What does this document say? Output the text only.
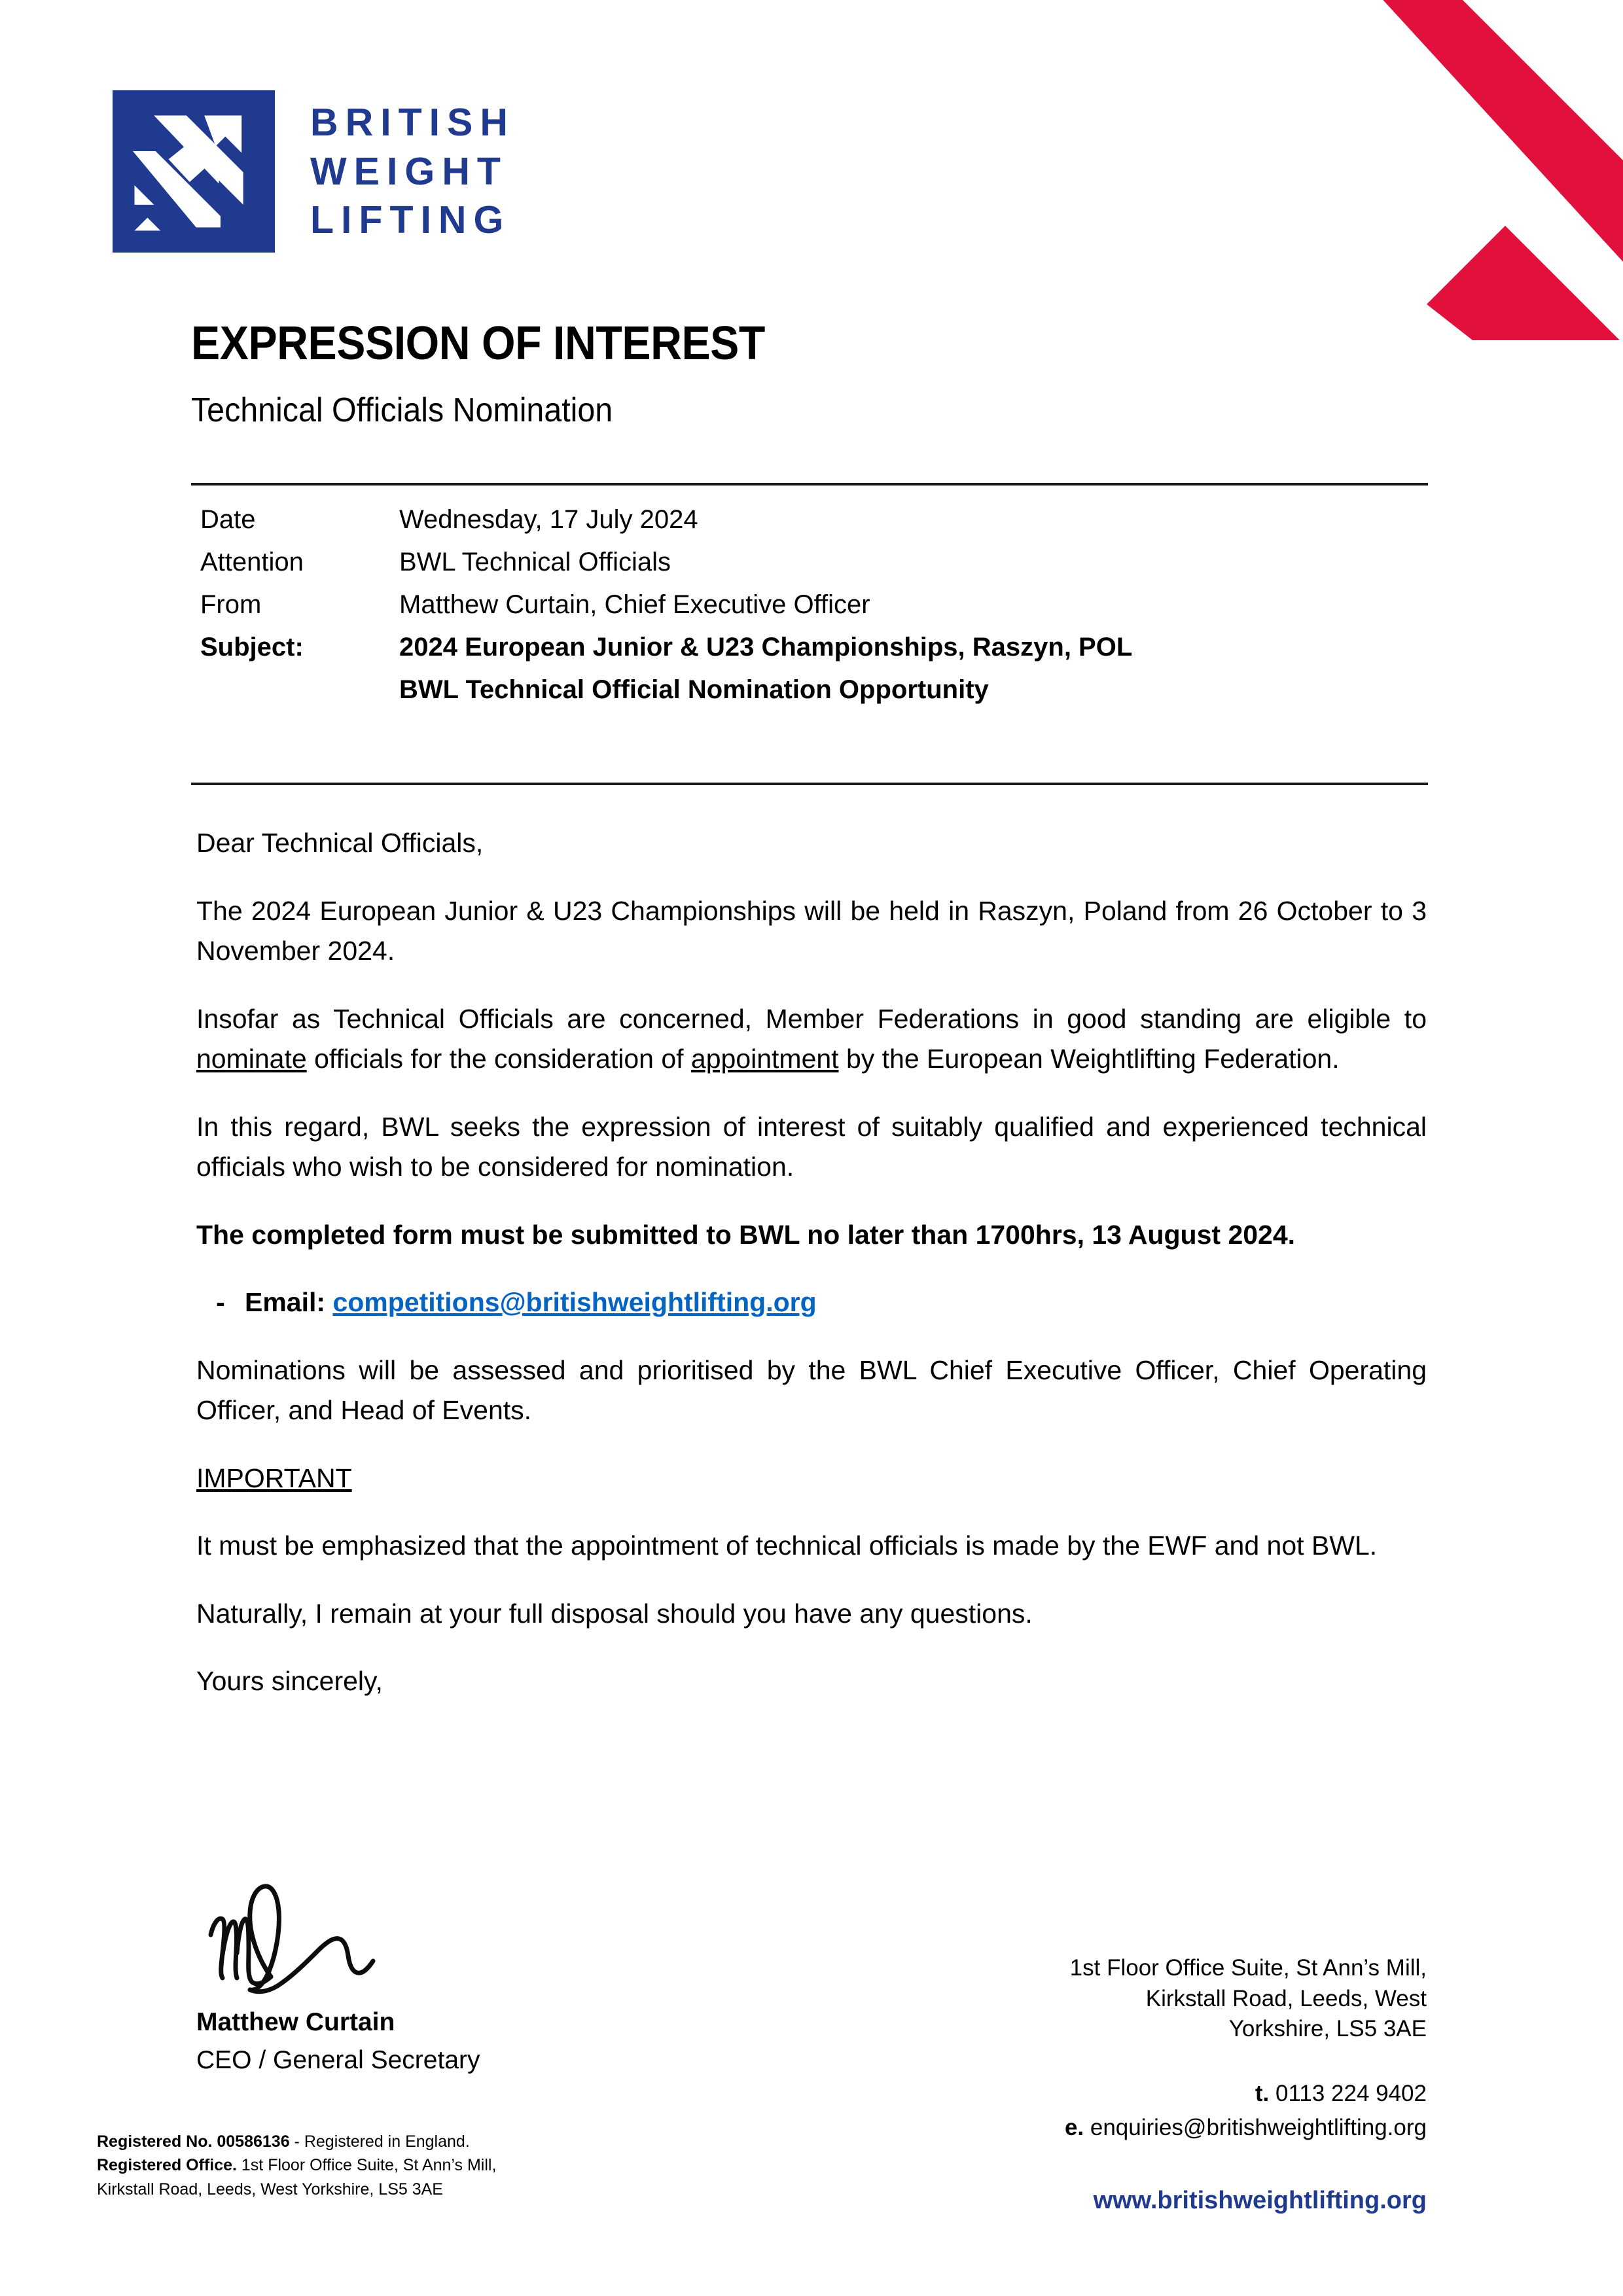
BRITISH
WEIGHT
LIFTING
EXPRESSION OF INTEREST
Technical Officials Nomination
Date	Wednesday, 17 July 2024
Attention	BWL Technical Officials
From	Matthew Curtain, Chief Executive Officer
Subject:	2024 European Junior & U23 Championships, Raszyn, POL
BWL Technical Official Nomination Opportunity

Dear Technical Officials,

The 2024 European Junior & U23 Championships will be held in Raszyn, Poland from 26 October to 3 November 2024.

Insofar as Technical Officials are concerned, Member Federations in good standing are eligible to nominate officials for the consideration of appointment by the European Weightlifting Federation.

In this regard, BWL seeks the expression of interest of suitably qualified and experienced technical officials who wish to be considered for nomination.

The completed form must be submitted to BWL no later than 1700hrs, 13 August 2024.

- Email: competitions@britishweightlifting.org

Nominations will be assessed and prioritised by the BWL Chief Executive Officer, Chief Operating Officer, and Head of Events.

IMPORTANT

It must be emphasized that the appointment of technical officials is made by the EWF and not BWL.

Naturally, I remain at your full disposal should you have any questions.

Yours sincerely,

Matthew Curtain
CEO / General Secretary
1st Floor Office Suite, St Ann’s Mill,
Kirkstall Road, Leeds, West
Yorkshire, LS5 3AE
t. 0113 224 9402
e. enquiries@britishweightlifting.org
www.britishweightlifting.org
Registered No. 00586136 - Registered in England.
Registered Office. 1st Floor Office Suite, St Ann’s Mill,
Kirkstall Road, Leeds, West Yorkshire, LS5 3AE
